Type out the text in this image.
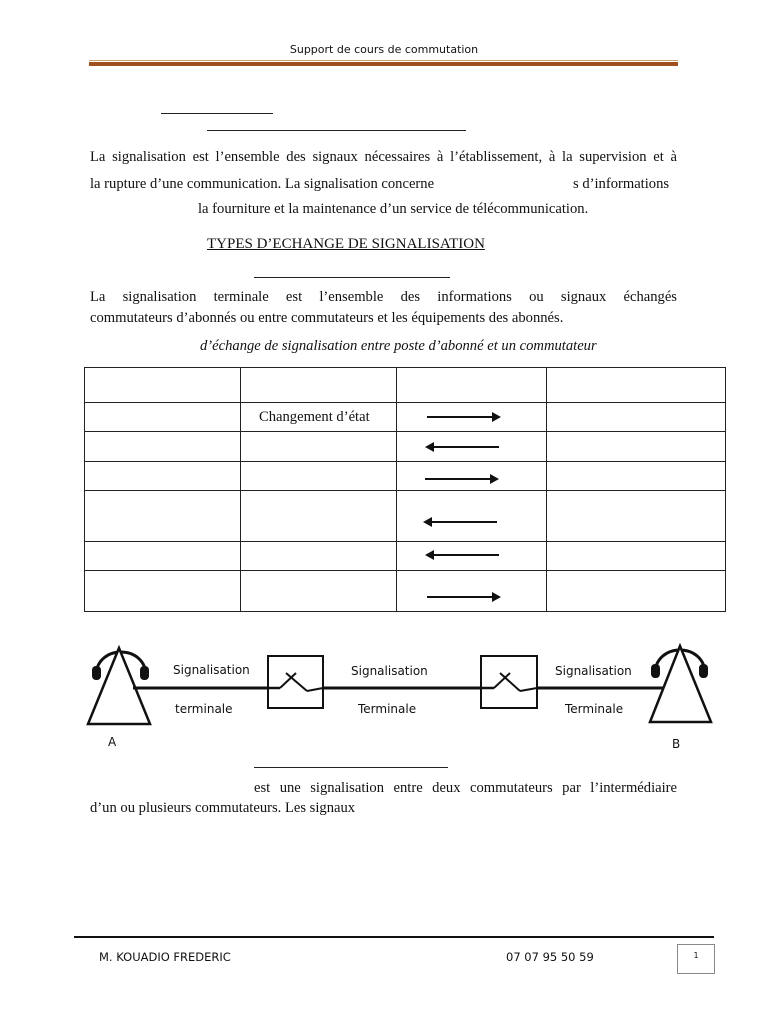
Support de cours de commutation
La signalisation est l’ensemble des signaux nécessaires à l’établissement, à la supervision et à
la rupture d’une communication. La signalisation concerne	s d’informations
la fourniture et la maintenance d’un service de télécommunication.
TYPES D’ECHANGE DE SIGNALISATION
La signalisation terminale est l’ensemble des informations ou signaux échangés
commutateurs d’abonnés ou entre commutateurs et les équipements des abonnés.
d’échange de signalisation entre poste d’abonné et un commutateur

	Changement d’état		

Signalisation
terminale
Signalisation
Terminale
Signalisation
Terminale
A	B
est une signalisation entre deux commutateurs par l’intermédiaire
d’un ou plusieurs commutateurs. Les signaux
M. KOUADIO FREDERIC	07 07 95 50 59	1
